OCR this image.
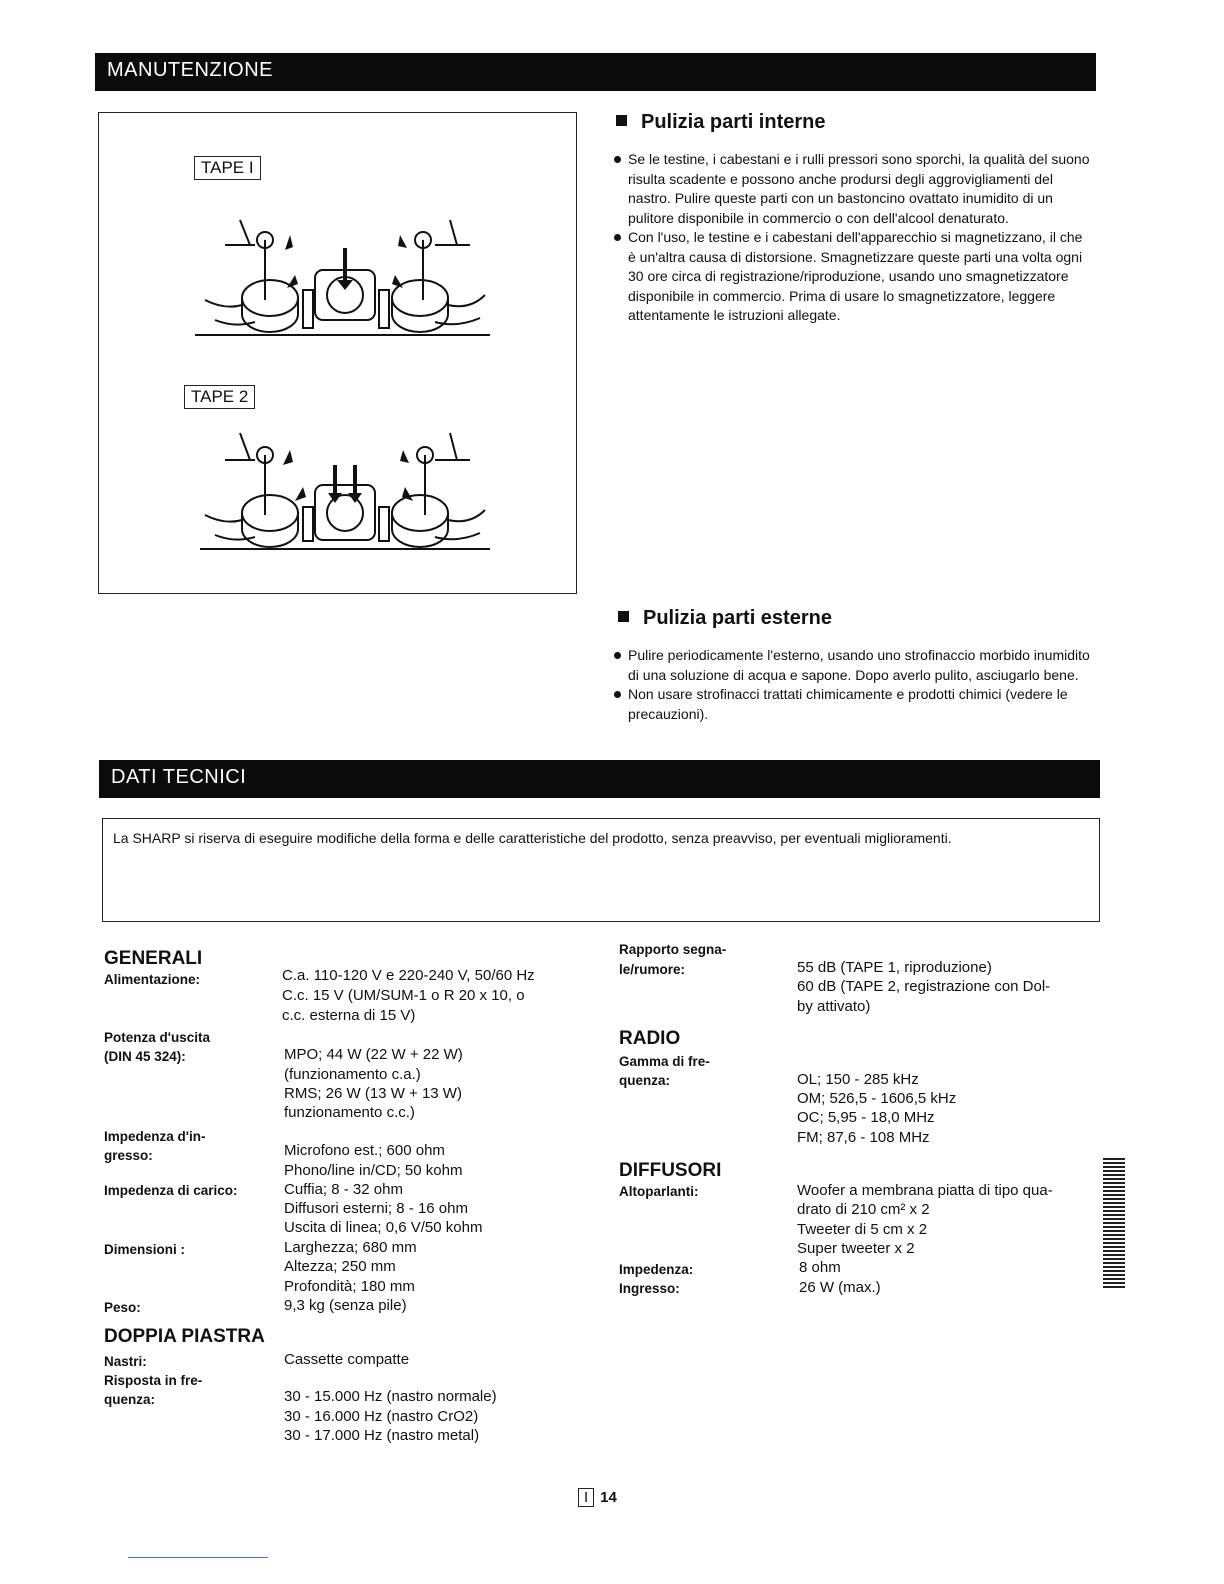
MANUTENZIONE
TAPE I
TAPE 2
Pulizia parti interne
Se le testine, i cabestani e i rulli pressori sono sporchi, la qualità del suono risulta scadente e possono anche prodursi degli aggrovigliamenti del nastro. Pulire queste parti con un bastoncino ovattato inumidito di un pulitore disponibile in commercio o con dell'alcool denaturato.
Con l'uso, le testine e i cabestani dell'apparecchio si magnetizzano, il che è un'altra causa di distorsione. Smagnetizzare queste parti una volta ogni 30 ore circa di registrazione/riproduzione, usando uno smagnetizzatore disponibile in commercio. Prima di usare lo smagnetizzatore, leggere attentamente le istruzioni allegate.
Pulizia parti esterne
Pulire periodicamente l'esterno, usando uno strofinaccio morbido inumidito di una soluzione di acqua e sapone. Dopo averlo pulito, asciugarlo bene.
Non usare strofinacci trattati chimicamente e prodotti chimici (vedere le precauzioni).
DATI TECNICI
La SHARP si riserva di eseguire modifiche della forma e delle caratteristiche del prodotto, senza preavviso, per eventuali miglioramenti.
GENERALI
Alimentazione:	C.a. 110-120 V e 220-240 V, 50/60 Hz
C.c. 15 V (UM/SUM-1 o R 20 x 10, o
c.c. esterna di 15 V)
Potenza d'uscita
(DIN 45 324):	MPO; 44 W (22 W + 22 W)
(funzionamento c.a.)
RMS; 26 W (13 W + 13 W)
funzionamento c.c.)
Impedenza d'in-
gresso:	Microfono est.; 600 ohm
Phono/line in/CD; 50 kohm
Impedenza di carico:	Cuffia; 8 - 32 ohm
Diffusori esterni; 8 - 16 ohm
Uscita di linea; 0,6 V/50 kohm
Dimensioni :	Larghezza; 680 mm
Altezza; 250 mm
Profondità; 180 mm
Peso:	9,3 kg (senza pile)
DOPPIA PIASTRA
Nastri:	Cassette compatte
Risposta in fre-
quenza:	30 - 15.000 Hz (nastro normale)
30 - 16.000 Hz (nastro CrO2)
30 - 17.000 Hz (nastro metal)
Rapporto segna-
le/rumore:	55 dB (TAPE 1, riproduzione)
60 dB (TAPE 2, registrazione con Dol-
by attivato)
RADIO
Gamma di fre-
quenza:	OL; 150 - 285 kHz
OM; 526,5 - 1606,5 kHz
OC; 5,95 - 18,0 MHz
FM; 87,6 - 108 MHz
DIFFUSORI
Altoparlanti:	Woofer a membrana piatta di tipo qua-
drato di 210 cm² x 2
Tweeter di 5 cm x 2
Super tweeter x 2
Impedenza:	8 ohm
Ingresso:	26 W (max.)
I 14
